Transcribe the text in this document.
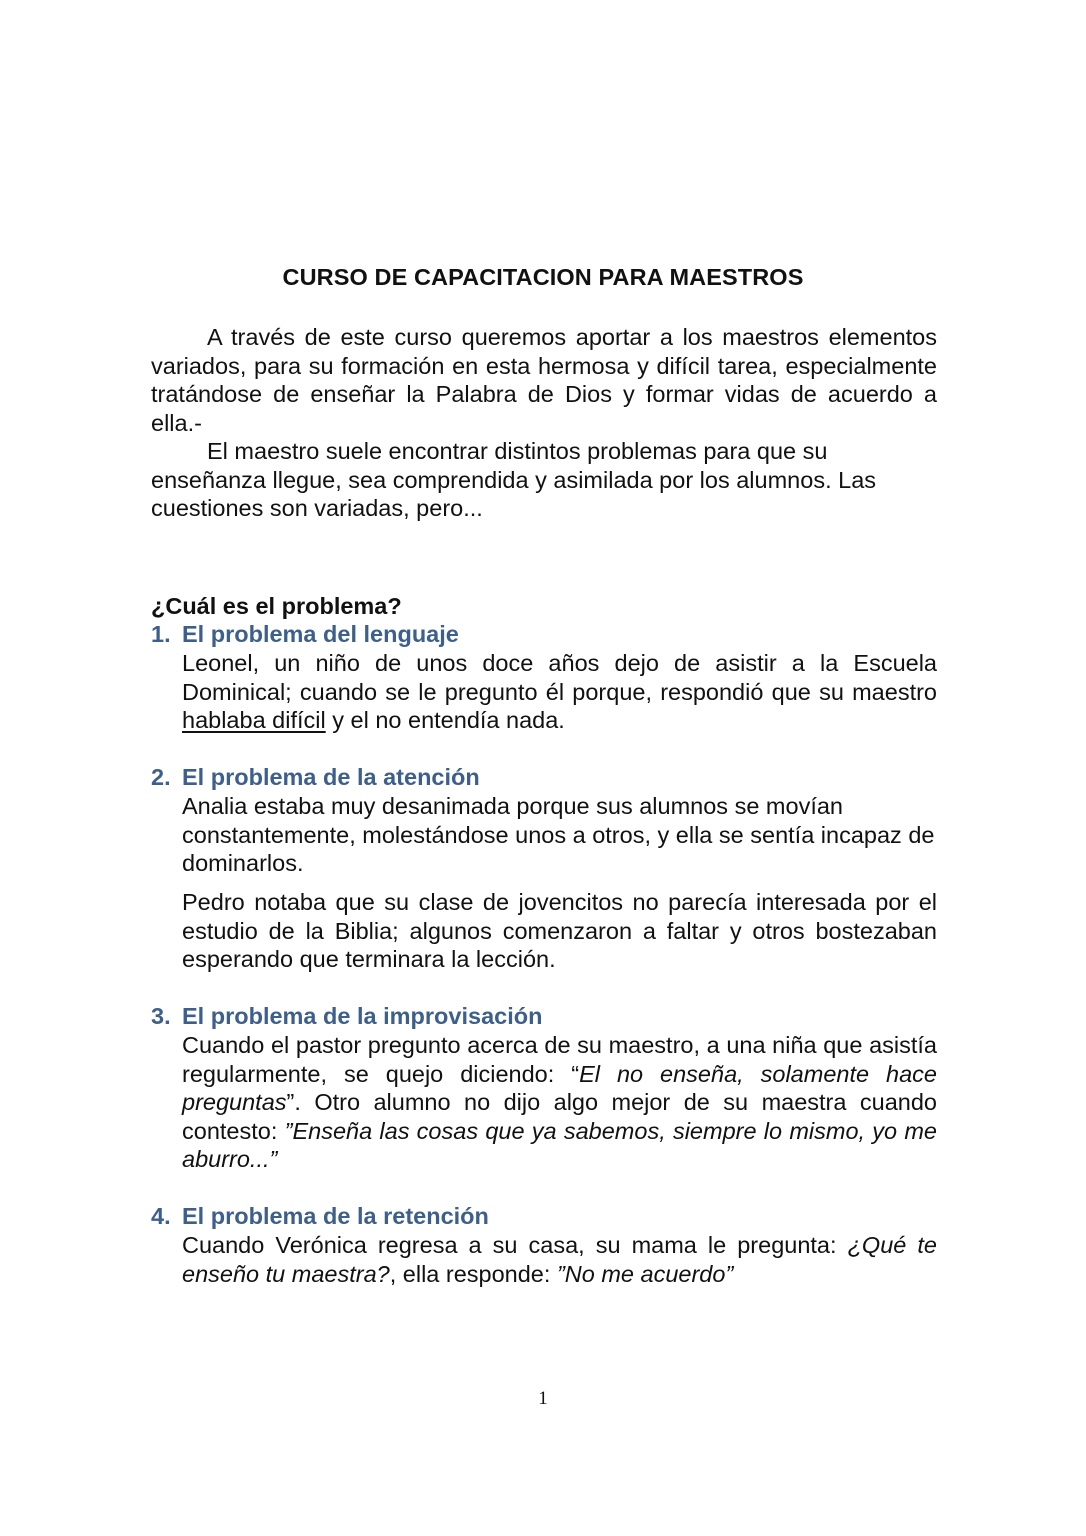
CURSO DE CAPACITACION PARA MAESTROS
A través de este curso queremos aportar a los maestros elementos variados, para su formación en esta hermosa y difícil tarea, especialmente tratándose de enseñar la Palabra de Dios y formar vidas de acuerdo a ella.-
El maestro suele encontrar distintos problemas para que su enseñanza llegue, sea comprendida y asimilada por los alumnos. Las cuestiones son variadas, pero...
¿Cuál es el problema?
1. El problema del lenguaje
Leonel, un niño de unos doce años dejo de asistir a la Escuela Dominical; cuando se le pregunto él porque, respondió que su maestro hablaba difícil y el no entendía nada.
2. El problema de la atención
Analia estaba muy desanimada porque sus alumnos se movían constantemente, molestándose unos a otros, y ella se sentía incapaz de dominarlos.
Pedro notaba que su clase de jovencitos no parecía interesada por el estudio de la Biblia; algunos comenzaron a faltar y otros bostezaban esperando que terminara la lección.
3. El problema de la improvisación
Cuando el pastor pregunto acerca de su maestro, a una niña que asistía regularmente, se quejo diciendo: “El no enseña, solamente hace preguntas”. Otro alumno no dijo algo mejor de su maestra cuando contesto: ”Enseña las cosas que ya sabemos, siempre lo mismo, yo me aburro...”
4. El problema de la retención
Cuando Verónica regresa a su casa, su mama le pregunta: ¿Qué te enseño tu maestra?, ella responde: ”No me acuerdo”
1
